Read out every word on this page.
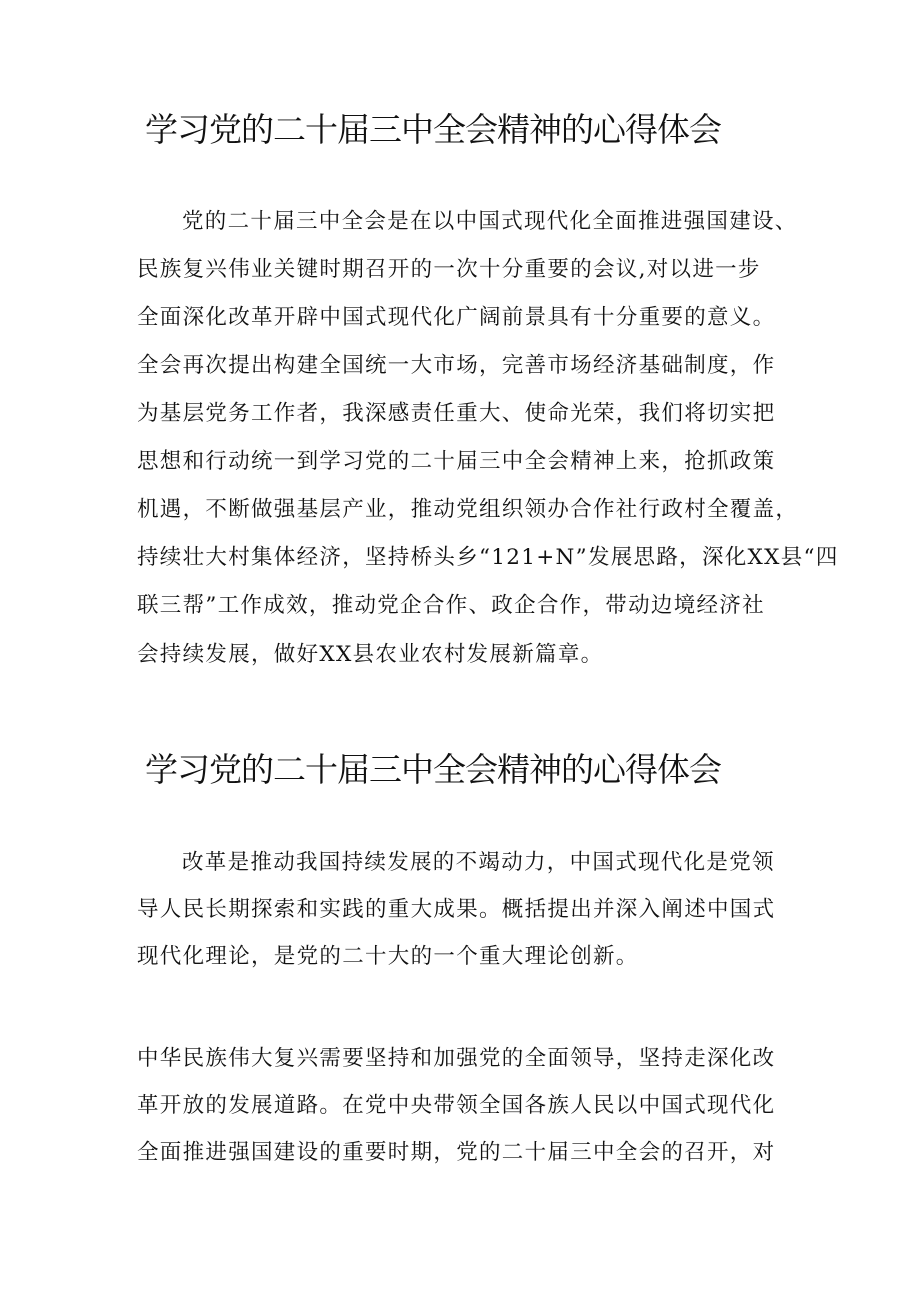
学习党的二十届三中全会精神的心得体会
党的二十届三中全会是在以中国式现代化全面推进强国建设、
民族复兴伟业关键时期召开的一次十分重要的会议,对以进一步
全面深化改革开辟中国式现代化广阔前景具有十分重要的意义。
全会再次提出构建全国统一大市场，完善市场经济基础制度，作
为基层党务工作者，我深感责任重大、使命光荣，我们将切实把
思想和行动统一到学习党的二十届三中全会精神上来，抢抓政策
机遇，不断做强基层产业，推动党组织领办合作社行政村全覆盖，
持续壮大村集体经济，坚持桥头乡“121+N”发展思路，深化XX县“四
联三帮”工作成效，推动党企合作、政企合作，带动边境经济社
会持续发展，做好XX县农业农村发展新篇章。
学习党的二十届三中全会精神的心得体会
改革是推动我国持续发展的不竭动力，中国式现代化是党领
导人民长期探索和实践的重大成果。概括提出并深入阐述中国式
现代化理论，是党的二十大的一个重大理论创新。
中华民族伟大复兴需要坚持和加强党的全面领导，坚持走深化改
革开放的发展道路。在党中央带领全国各族人民以中国式现代化
全面推进强国建设的重要时期，党的二十届三中全会的召开，对
